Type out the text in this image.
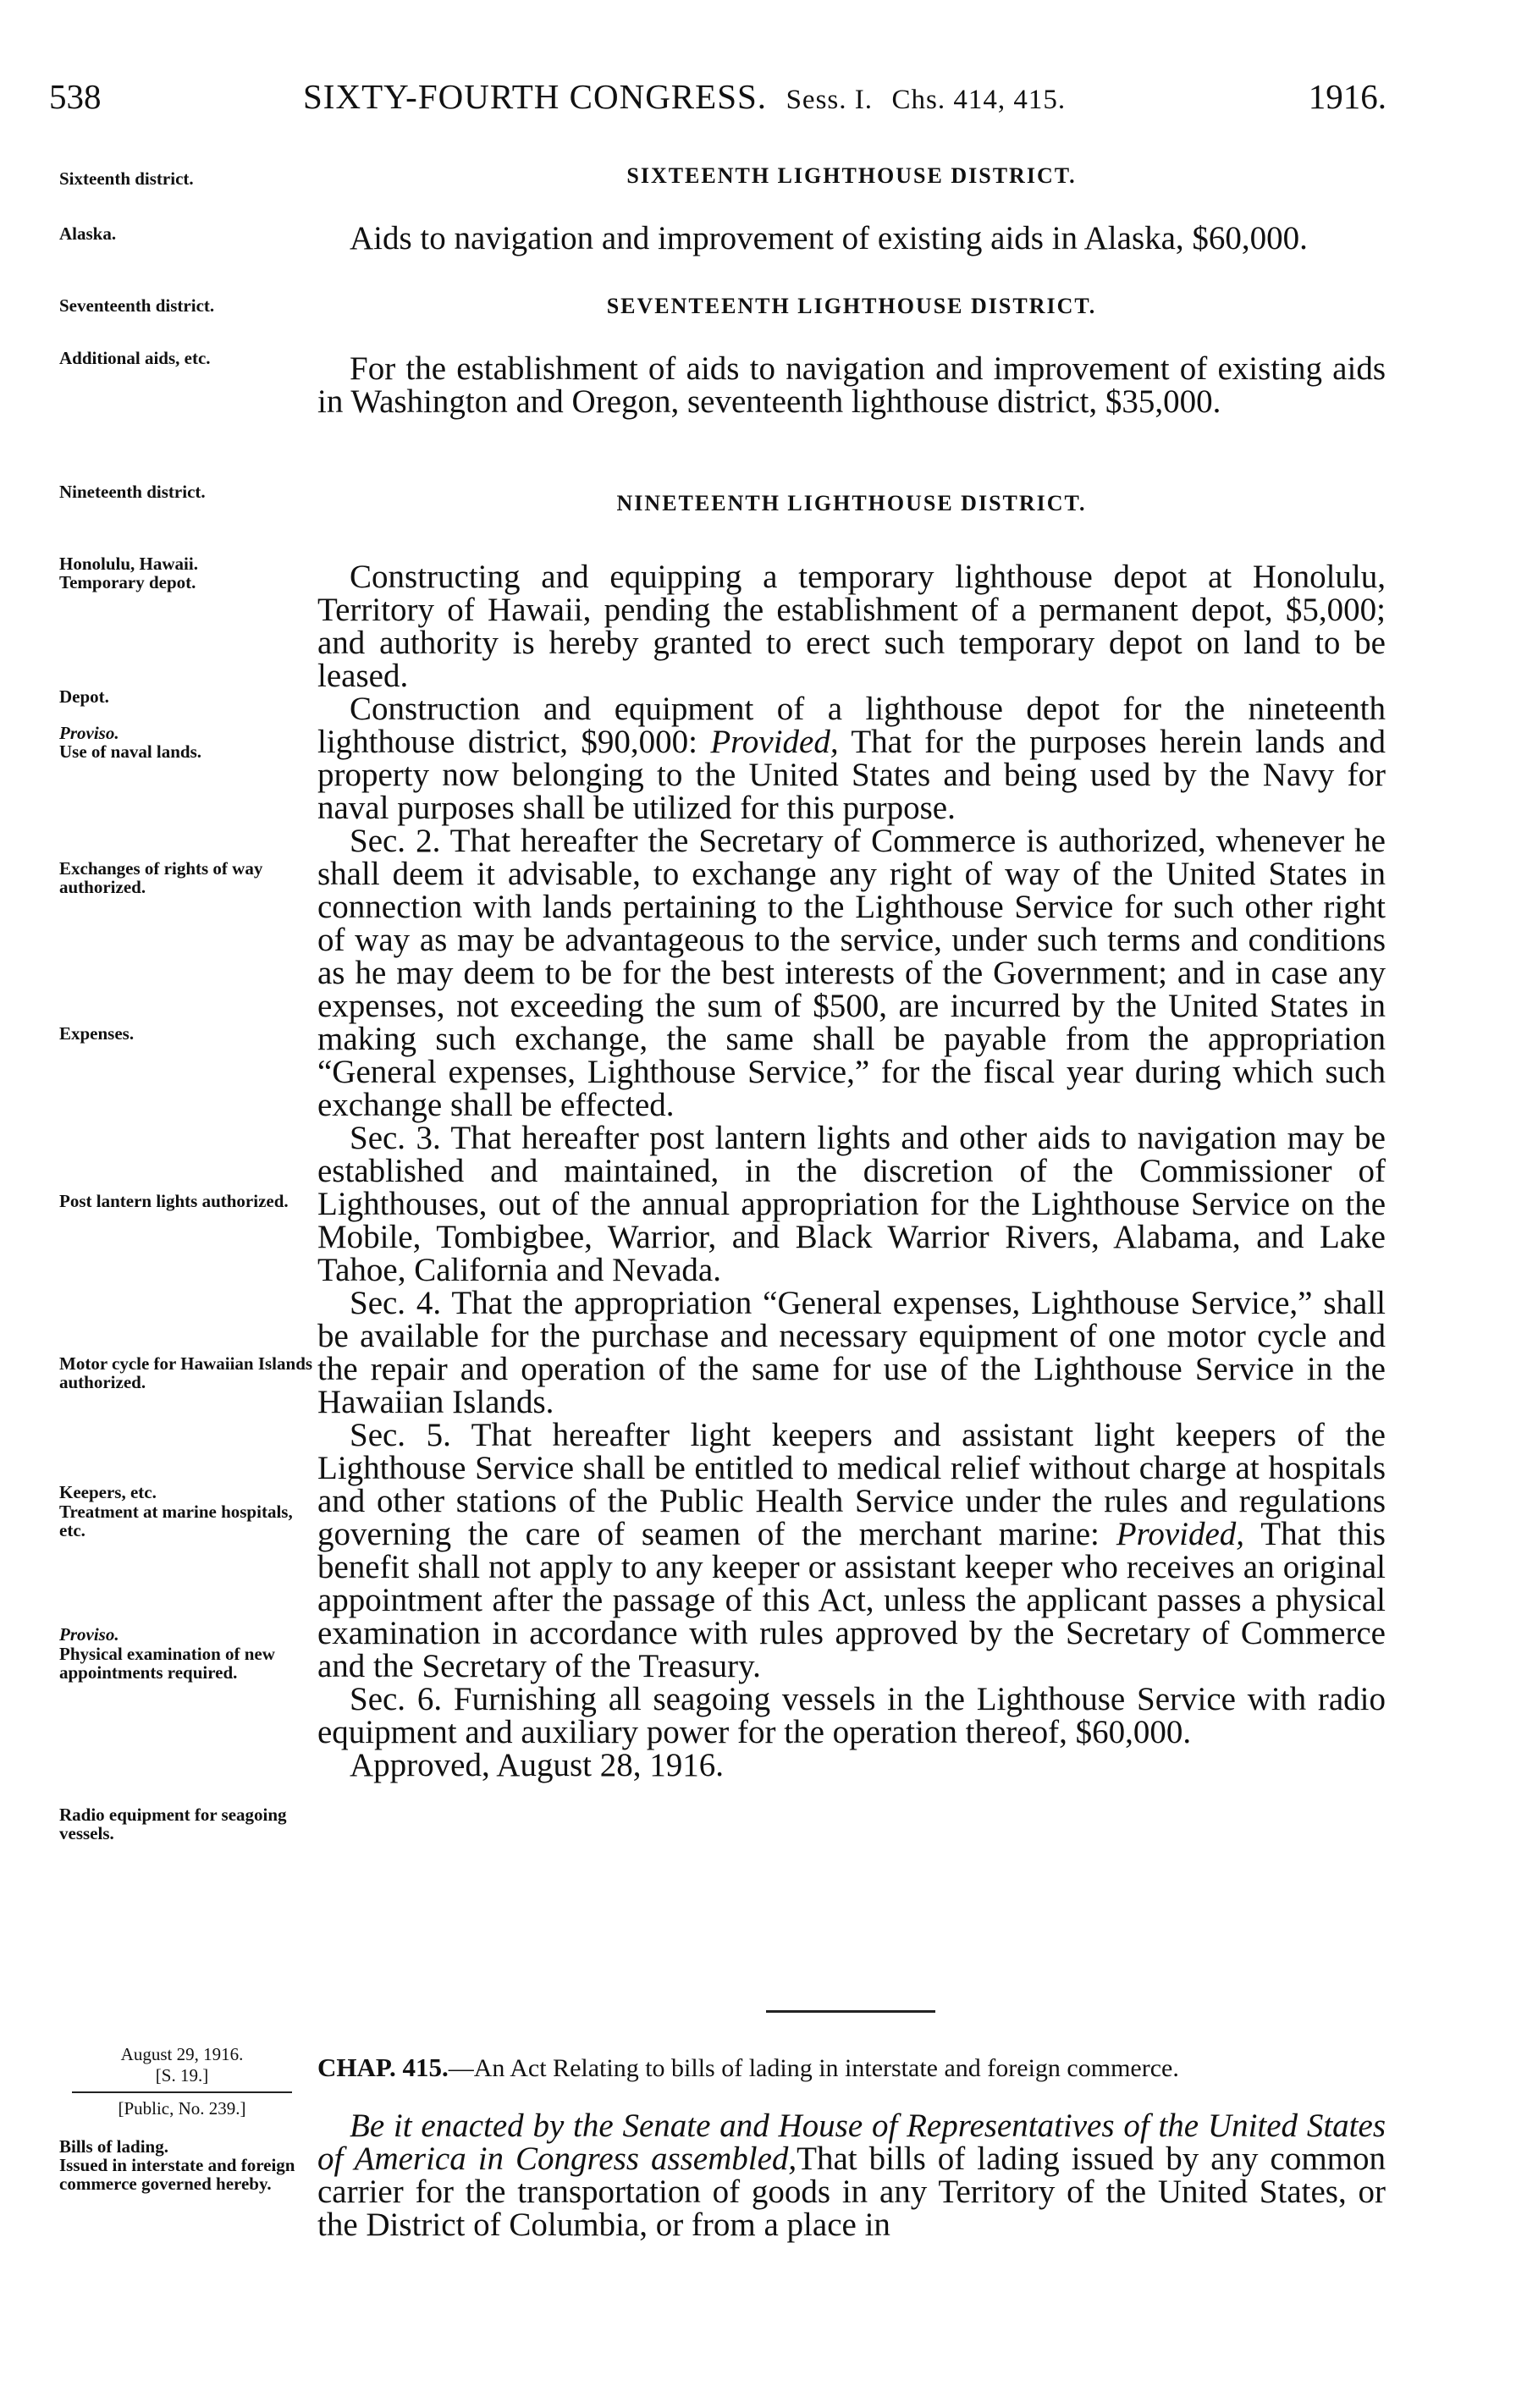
538	SIXTY-FOURTH CONGRESS. Sess. I. Chs. 414, 415.	1916.
Sixteenth district.
Alaska.
Seventeenth district.
Additional aids, etc.
Nineteenth district.
Honolulu, Hawaii.
Temporary depot.
Depot.
Proviso.
Use of naval lands.
Exchanges of rights of way authorized.
Expenses.
Post lantern lights authorized.
Motor cycle for Hawaiian Islands authorized.
Keepers, etc.
Treatment at marine hospitals, etc.
Proviso.
Physical examination of new appointments required.
Radio equipment for seagoing vessels.
SIXTEENTH LIGHTHOUSE DISTRICT.
SEVENTEENTH LIGHTHOUSE DISTRICT.
NINETEENTH LIGHTHOUSE DISTRICT.

Aids to navigation and improvement of existing aids in Alaska, $60,000.

For the establishment of aids to navigation and improvement of existing aids in Washington and Oregon, seventeenth lighthouse district, $35,000.

Constructing and equipping a temporary lighthouse depot at Honolulu, Territory of Hawaii, pending the establishment of a permanent depot, $5,000; and authority is hereby granted to erect such temporary depot on land to be leased.

Construction and equipment of a lighthouse depot for the nineteenth lighthouse district, $90,000: Provided, That for the purposes herein lands and property now belonging to the United States and being used by the Navy for naval purposes shall be utilized for this purpose.

Sec. 2. That hereafter the Secretary of Commerce is authorized, whenever he shall deem it advisable, to exchange any right of way of the United States in connection with lands pertaining to the Lighthouse Service for such other right of way as may be advantageous to the service, under such terms and conditions as he may deem to be for the best interests of the Government; and in case any expenses, not exceeding the sum of $500, are incurred by the United States in making such exchange, the same shall be payable from the appropriation “General expenses, Lighthouse Service,” for the fiscal year during which such exchange shall be effected.

Sec. 3. That hereafter post lantern lights and other aids to navigation may be established and maintained, in the discretion of the Commissioner of Lighthouses, out of the annual appropriation for the Lighthouse Service on the Mobile, Tombigbee, Warrior, and Black Warrior Rivers, Alabama, and Lake Tahoe, California and Nevada.

Sec. 4. That the appropriation “General expenses, Lighthouse Service,” shall be available for the purchase and necessary equipment of one motor cycle and the repair and operation of the same for use of the Lighthouse Service in the Hawaiian Islands.

Sec. 5. That hereafter light keepers and assistant light keepers of the Lighthouse Service shall be entitled to medical relief without charge at hospitals and other stations of the Public Health Service under the rules and regulations governing the care of seamen of the merchant marine: Provided, That this benefit shall not apply to any keeper or assistant keeper who receives an original appointment after the passage of this Act, unless the applicant passes a physical examination in accordance with rules approved by the Secretary of Commerce and the Secretary of the Treasury.

Sec. 6. Furnishing all seagoing vessels in the Lighthouse Service with radio equipment and auxiliary power for the operation thereof, $60,000.

Approved, August 28, 1916.

August 29, 1916.
[S. 19.]
[Public, No. 239.]
Bills of lading.
Issued in interstate and foreign commerce governed hereby.
CHAP. 415.—An Act Relating to bills of lading in interstate and foreign commerce.

Be it enacted by the Senate and House of Representatives of the United States of America in Congress assembled,That bills of lading issued by any common carrier for the transportation of goods in any Territory of the United States, or the District of Columbia, or from a place in
